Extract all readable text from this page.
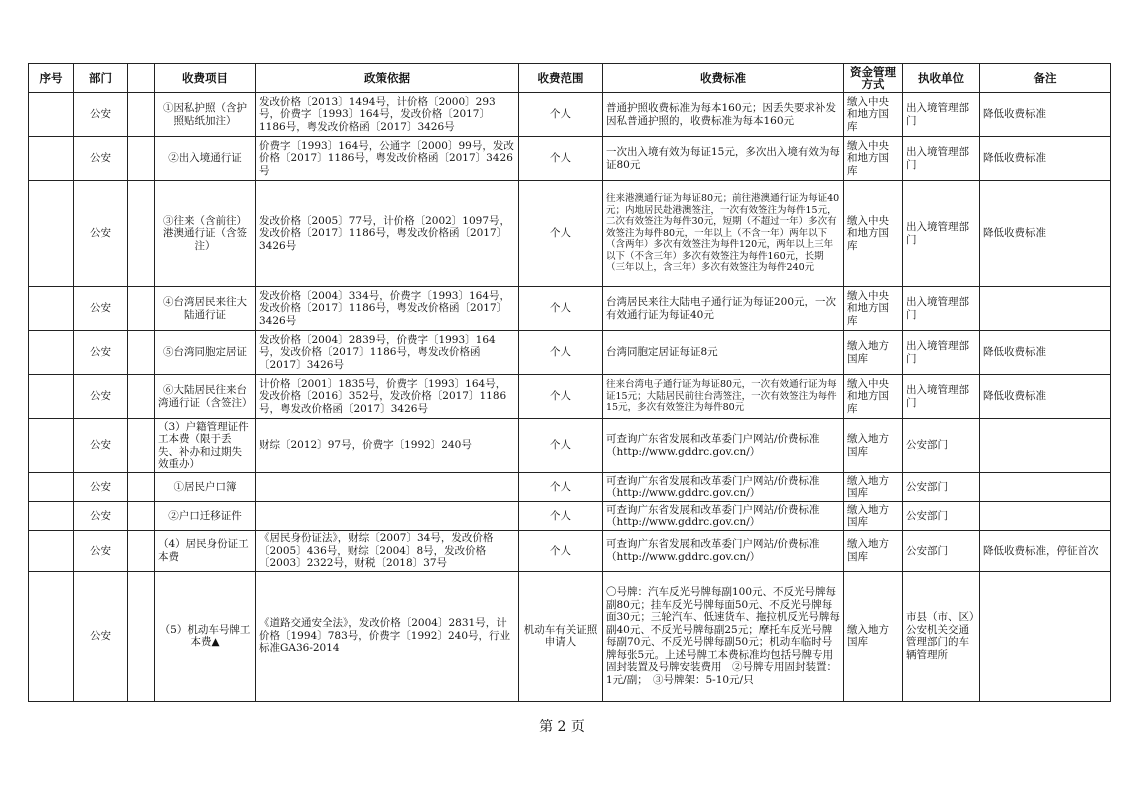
序号	部门		收费项目	政策依据	收费范围	收费标准	资金管理方式	执收单位	备注
	公安		①因私护照（含护照贴纸加注）	发改价格〔2013〕1494号，计价格〔2000〕293号，价费字〔1993〕164号，发改价格〔2017〕1186号，粤发改价格函〔2017〕3426号	个人	普通护照收费标准为每本160元；因丢失要求补发因私普通护照的，收费标准为每本160元	缴入中央和地方国库	出入境管理部门	降低收费标准
	公安		②出入境通行证	价费字〔1993〕164号，公通字〔2000〕99号，发改价格〔2017〕1186号，粤发改价格函〔2017〕3426号	个人	一次出入境有效为每证15元，多次出入境有效为每证80元	缴入中央和地方国库	出入境管理部门	降低收费标准
	公安		③往来（含前往）港澳通行证（含签注）	发改价格〔2005〕77号，计价格〔2002〕1097号，发改价格〔2017〕1186号，粤发改价格函〔2017〕3426号	个人	往来港澳通行证为每证80元；前往港澳通行证为每证40元；内地居民赴港澳签注，一次有效签注为每件15元，二次有效签注为每件30元，短期（不超过一年）多次有效签注为每件80元，一年以上（不含一年）两年以下（含两年）多次有效签注为每件120元，两年以上三年以下（不含三年）多次有效签注为每件160元，长期（三年以上，含三年）多次有效签注为每件240元	缴入中央和地方国库	出入境管理部门	降低收费标准
	公安		④台湾居民来往大陆通行证	发改价格〔2004〕334号，价费字〔1993〕164号，发改价格〔2017〕1186号，粤发改价格函〔2017〕3426号	个人	台湾居民来往大陆电子通行证为每证200元，一次有效通行证为每证40元	缴入中央和地方国库	出入境管理部门	
	公安		⑤台湾同胞定居证	发改价格〔2004〕2839号，价费字〔1993〕164号，发改价格〔2017〕1186号，粤发改价格函〔2017〕3426号	个人	台湾同胞定居证每证8元	缴入地方国库	出入境管理部门	降低收费标准
	公安		⑥大陆居民往来台湾通行证（含签注）	计价格〔2001〕1835号，价费字〔1993〕164号，发改价格〔2016〕352号，发改价格〔2017〕1186号，粤发改价格函〔2017〕3426号	个人	往来台湾电子通行证为每证80元，一次有效通行证为每证15元；大陆居民前往台湾签注，一次有效签注为每件15元，多次有效签注为每件80元	缴入中央和地方国库	出入境管理部门	降低收费标准
	公安		（3）户籍管理证件工本费（限于丢失、补办和过期失效重办）	财综〔2012〕97号，价费字〔1992〕240号	个人	可查询广东省发展和改革委门户网站/价费标准（http://www.gddrc.gov.cn/）	缴入地方国库	公安部门	
	公安		①居民户口簿		个人	可查询广东省发展和改革委门户网站/价费标准（http://www.gddrc.gov.cn/）	缴入地方国库	公安部门	
	公安		②户口迁移证件		个人	可查询广东省发展和改革委门户网站/价费标准（http://www.gddrc.gov.cn/）	缴入地方国库	公安部门	
	公安		（4）居民身份证工本费	《居民身份证法》，财综〔2007〕34号，发改价格〔2005〕436号，财综〔2004〕8号，发改价格〔2003〕2322号，财税〔2018〕37号	个人	可查询广东省发展和改革委门户网站/价费标准（http://www.gddrc.gov.cn/）	缴入地方国库	公安部门	降低收费标准，停征首次
	公安		（5）机动车号牌工本费▲	《道路交通安全法》，发改价格〔2004〕2831号，计价格〔1994〕783号，价费字〔1992〕240号，行业标准GA36-2014	机动车有关证照申请人	〇号牌：汽车反光号牌每副100元、不反光号牌每副80元；挂车反光号牌每面50元、不反光号牌每面30元；三轮汽车、低速货车、拖拉机反光号牌每副40元、不反光号牌每副25元；摩托车反光号牌每副70元、不反光号牌每副50元；机动车临时号牌每张5元。上述号牌工本费标准均包括号牌专用固封装置及号牌安装费用　②号牌专用固封装置：1元/副；　③号牌架：5-10元/只	缴入地方国库	市县（市、区）公安机关交通管理部门的车辆管理所	
第 2 页
